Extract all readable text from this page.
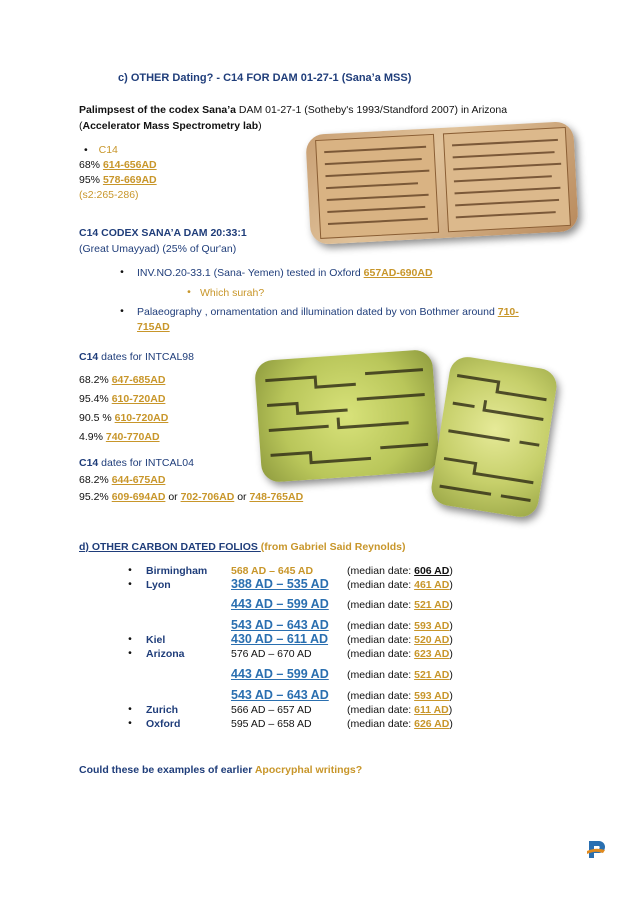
c) OTHER Dating? - C14 FOR DAM 01-27-1 (Sana’a MSS)
Palimpsest of the codex Sana’a DAM 01-27-1 (Sotheby's 1993/Standford 2007) in Arizona
(Accelerator Mass Spectrometry lab)
• C14
68% 614-656AD
95% 578-669AD
(s2:265-286)
C14 CODEX SANA’A DAM 20:33:1
(Great Umayyad) (25% of Qur'an)
•	INV.NO.20-33.1 (Sana- Yemen) tested in Oxford 657AD-690AD
• Which surah?
•	Palaeography , ornamentation and illumination dated by von Bothmer around 710-
715AD
C14 dates for INTCAL98
68.2% 647-685AD
95.4% 610-720AD
90.5 % 610-720AD
4.9% 740-770AD
C14 dates for INTCAL04
68.2% 644-675AD
95.2% 609-694AD or 702-706AD or 748-765AD
d) OTHER CARBON DATED FOLIOS (from Gabriel Said Reynolds)
•	Birmingham 568 AD – 645 AD	(median date: 606 AD)
•	Lyon	388 AD – 535 AD (median date: 461 AD)
443 AD – 599 AD (median date: 521 AD)
543 AD – 643 AD (median date: 593 AD)
•	Kiel	430 AD – 611 AD (median date: 520 AD)
•	Arizona	576 AD – 670 AD	(median date: 623 AD)
443 AD – 599 AD (median date: 521 AD)
543 AD – 643 AD (median date: 593 AD)
•	Zurich	566 AD – 657 AD	(median date: 611 AD)
•	Oxford	595 AD – 658 AD	(median date: 626 AD)
Could these be examples of earlier Apocryphal writings?
